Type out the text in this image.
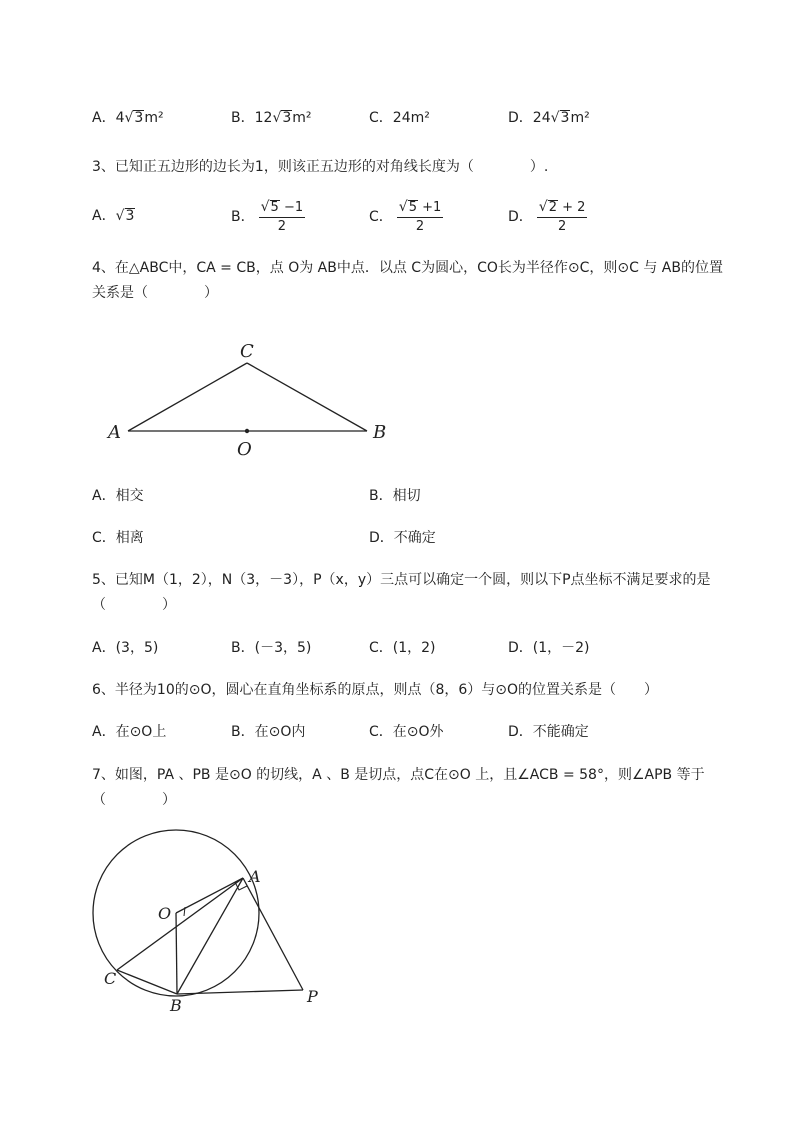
A．4√3m²	B．12√3m²	C．24m²	D．24√3m²
3、已知正五边形的边长为1，则该正五边形的对角线长度为（　　　　）.
A．√3	B． $\frac{√5 -1}{2}$	C． $\frac{√5 +1}{2}$	D． $\frac{√2 + 2}{2}$
4、在△ABC中，CA = CB，点 O为 AB中点．以点 C为圆心，CO长为半径作⊙C，则⊙C 与 AB的位置
关系是（　　　　）
C
A	B
O
A．相交	B．相切
C．相离	D．不确定
5、已知M（1，2），N（3，－3），P（x，y）三点可以确定一个圆，则以下P点坐标不满足要求的是
（　　　　）
A．(3，5)	B．(－3，5)	C．(1，2)	D．(1，－2)
6、半径为10的⊙O，圆心在直角坐标系的原点，则点（8，6）与⊙O的位置关系是（　　）
A．在⊙O上	B．在⊙O内	C．在⊙O外	D．不能确定
7、如图，PA 、PB 是⊙O 的切线，A 、B 是切点，点C在⊙O 上，且∠ACB = 58°，则∠APB 等于
（　　　　）
A
O
C
B	P
